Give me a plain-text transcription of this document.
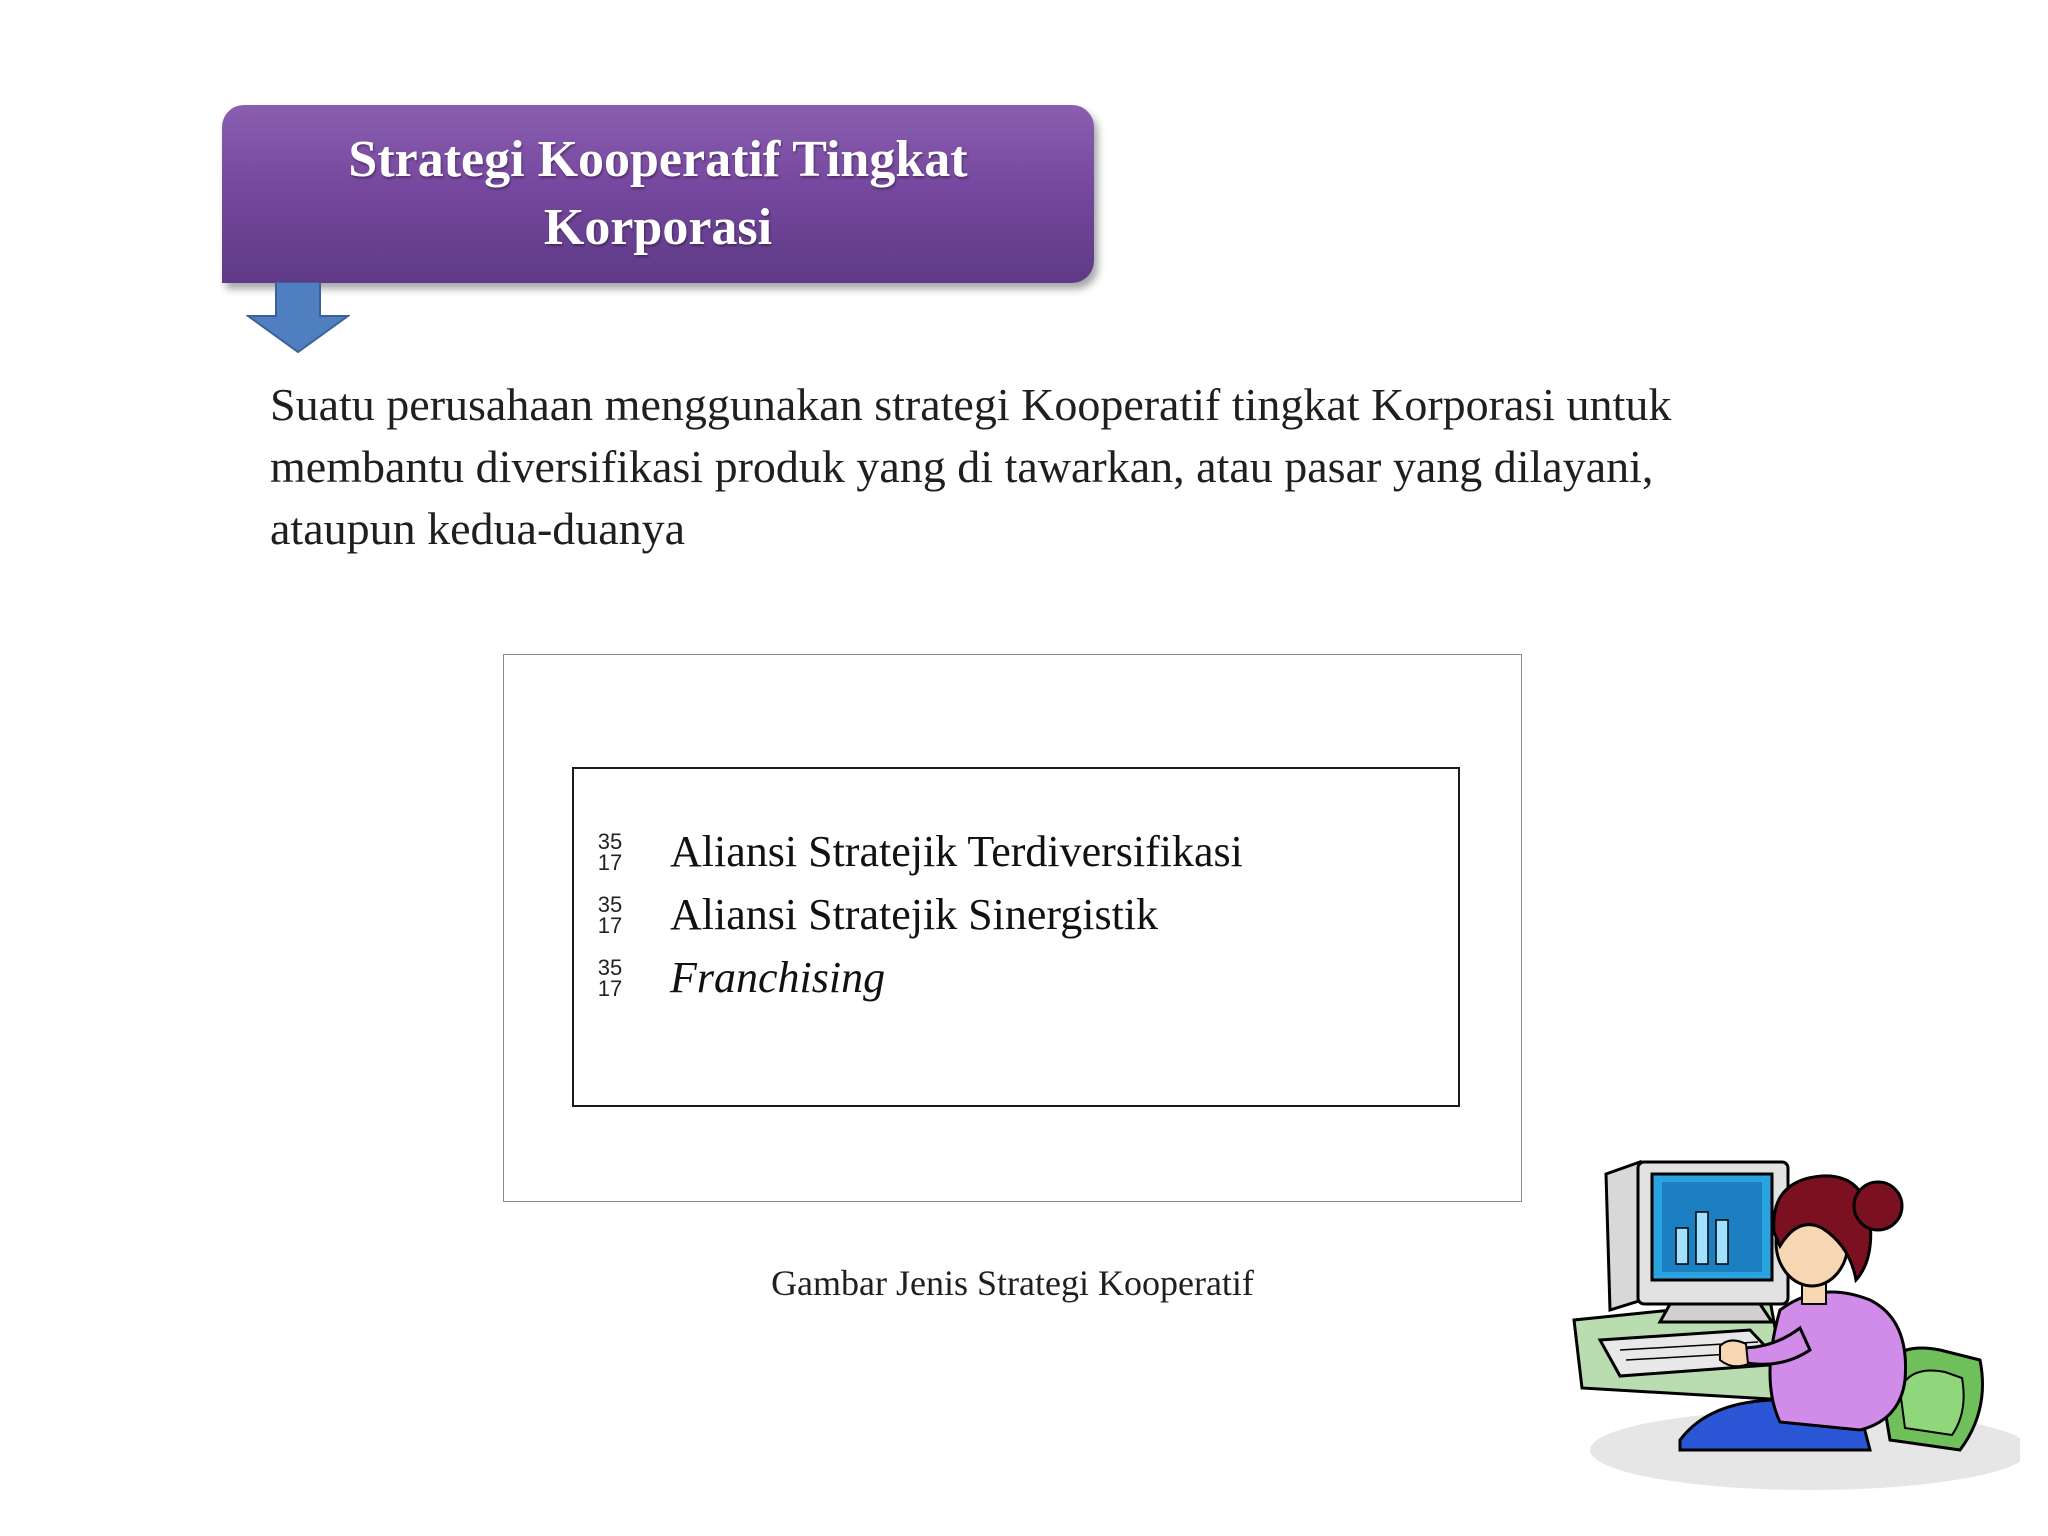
Strategi Kooperatif Tingkat Korporasi
Suatu perusahaan menggunakan strategi Kooperatif tingkat Korporasi untuk membantu diversifikasi produk yang di tawarkan, atau pasar yang dilayani, ataupun kedua-duanya
35
17 Aliansi Stratejik Terdiversifikasi
35
17 Aliansi Stratejik Sinergistik
35
17 Franchising
Gambar Jenis Strategi Kooperatif
